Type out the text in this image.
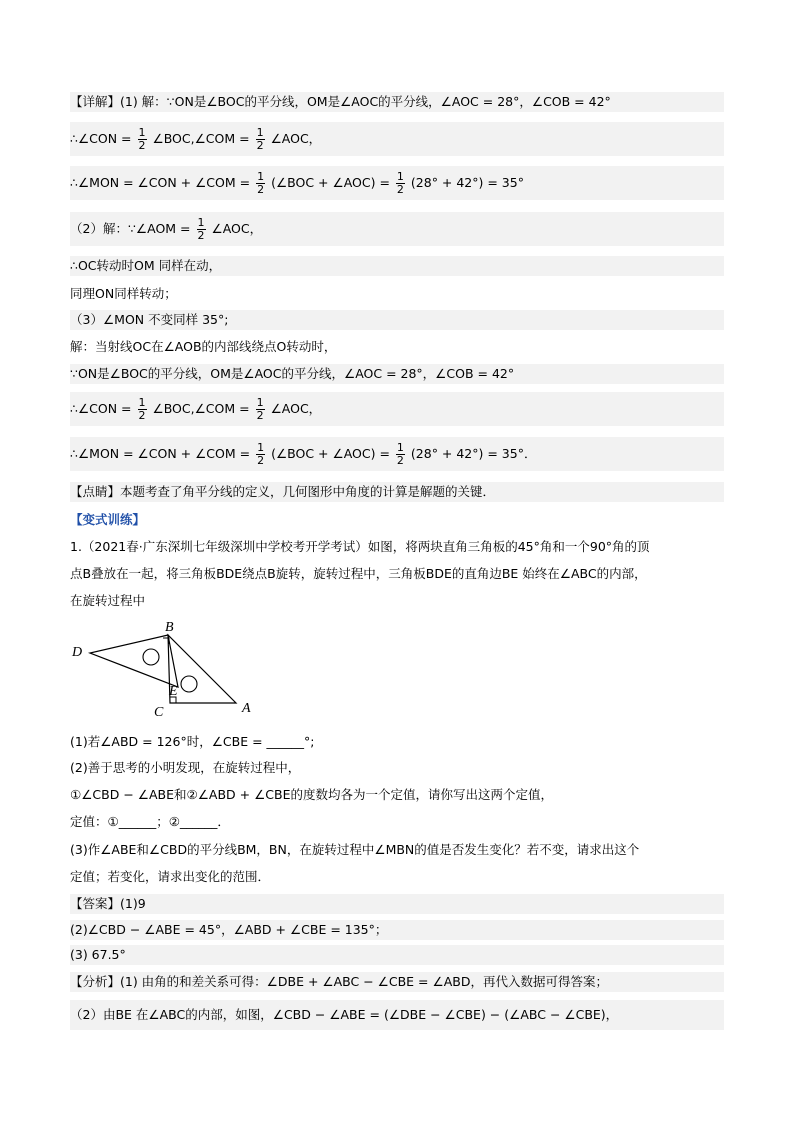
【详解】(1) 解：∵ON是∠BOC的平分线，OM是∠AOC的平分线，∠AOC = 28°，∠COB = 42°
∴∠CON = $\frac{1}{2}$ ∠BOC,∠COM = $\frac{1}{2}$ ∠AOC，
∴∠MON = ∠CON + ∠COM = $\frac{1}{2}$ (∠BOC + ∠AOC) = $\frac{1}{2} (28^\circ + 42^\circ) = 35^\circ$
（2）解：∵∠AOM = $\frac{1}{2}$ ∠AOC，
∴OC转动时OM 同样在动，
同理ON同样转动；
（3）∠MON 不变同样 35°;
解：当射线OC在∠AOB的内部线绕点O转动时，
∵ON是∠BOC的平分线，OM是∠AOC的平分线，∠AOC = 28°，∠COB = 42°
∴∠CON = $\frac{1}{2}$ ∠BOC,∠COM = $\frac{1}{2}$ ∠AOC，
∴∠MON = ∠CON + ∠COM = $\frac{1}{2}$ (∠BOC + ∠AOC) = $\frac{1}{2} (28^\circ + 42^\circ) = 35^\circ$．
【点睛】本题考查了角平分线的定义，几何图形中角度的计算是解题的关键．
【变式训练】
1.（2021春·广东深圳七年级深圳中学校考开学考试）如图，将两块直角三角板的45°角和一个90°角的顶
点B叠放在一起，将三角板BDE绕点B旋转，旋转过程中，三角板BDE的直角边BE 始终在∠ABC的内部，
在旋转过程中
B
D
E
C	A
(1)若∠ABD = 126°时，∠CBE = ______°;
(2)善于思考的小明发现，在旋转过程中，
①∠CBD − ∠ABE和②∠ABD + ∠CBE的度数均各为一个定值，请你写出这两个定值，
定值：①______；②______．
(3)作∠ABE和∠CBD的平分线BM，BN，在旋转过程中∠MBN的值是否发生变化？若不变，请求出这个
定值；若变化，请求出变化的范围．
【答案】(1)9
(2)∠CBD − ∠ABE = 45°，∠ABD + ∠CBE = 135°；
(3) 67.5°
【分析】(1) 由角的和差关系可得：∠DBE + ∠ABC − ∠CBE = ∠ABD，再代入数据可得答案；
（2）由BE 在∠ABC的内部，如图，∠CBD − ∠ABE = (∠DBE − ∠CBE) − (∠ABC − ∠CBE)，
